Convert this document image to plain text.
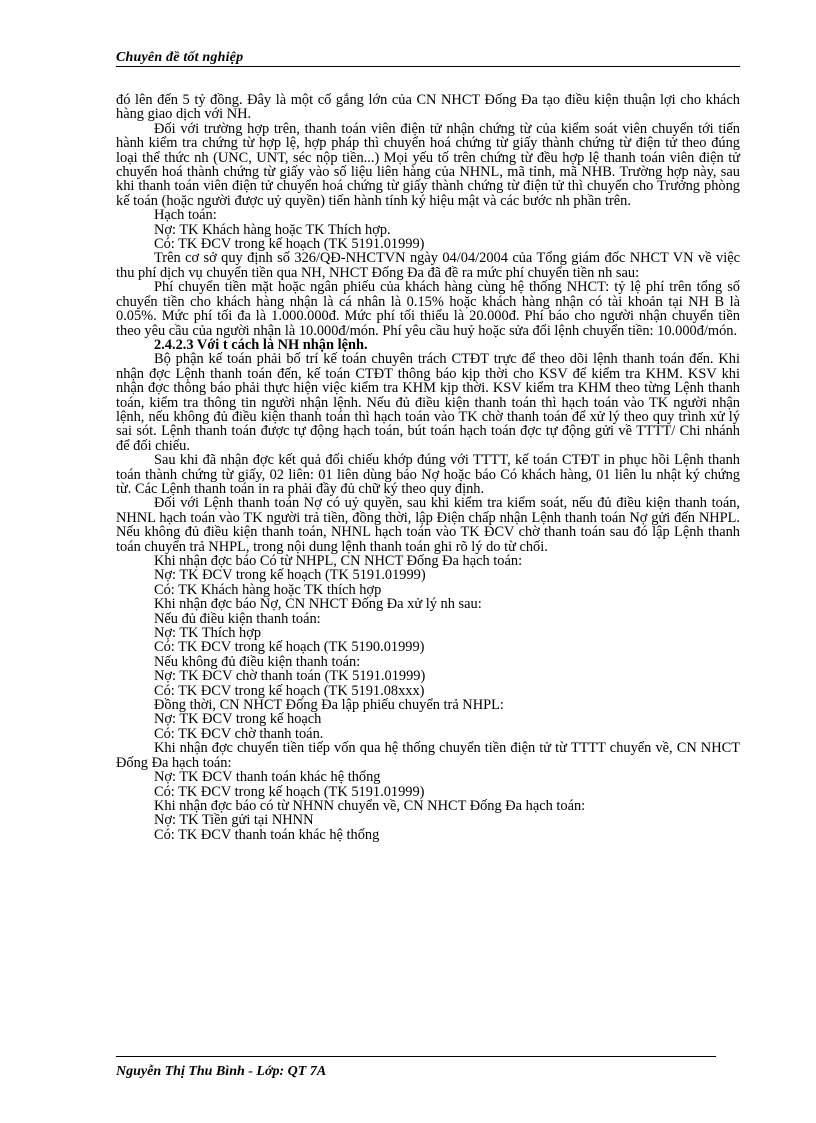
Chuyên đề tốt nghiệp

đó lên đến 5 tỷ đồng. Đây là một cố gắng lớn của CN NHCT Đống Đa tạo điều kiện thuận lợi cho khách hàng giao dịch với NH.

Đối với trường hợp trên, thanh toán viên điện tử nhận chứng từ của kiểm soát viên chuyển tới tiến hành kiểm tra chứng từ hợp lệ, hợp pháp thì chuyển hoá chứng từ giấy thành chứng từ điện tử theo đúng loại thể thức nh (UNC, UNT, séc nộp tiền...) Mọi yếu tố trên chứng từ đều hợp lệ thanh toán viên điện tử chuyển hoá thành chứng từ giấy vào số liệu liên hàng của NHNL, mã tỉnh, mã NHB. Trường hợp này, sau khi thanh toán viên điện tử chuyển hoá chứng từ giấy thành chứng từ điện tử thì chuyển cho Trưởng phòng kế toán (hoặc người được uỷ quyền) tiến hành tính ký hiệu mật và các bước nh phần trên.

Hạch toán:

Nợ: TK Khách hàng hoặc TK Thích hợp.

Có: TK ĐCV trong kế hoạch (TK 5191.01999)

Trên cơ sở quy định số 326/QĐ-NHCTVN ngày 04/04/2004 của Tổng giám đốc NHCT VN về việc thu phí dịch vụ chuyển tiền qua NH, NHCT Đống Đa đã đề ra mức phí chuyển tiền nh sau:

Phí chuyển tiền mặt hoặc ngân phiếu của khách hàng cùng hệ thống NHCT: tỷ lệ phí trên tổng số chuyển tiền cho khách hàng nhận là cá nhân là 0.15% hoặc khách hàng nhận có tài khoản tại NH B là 0.05%. Mức phí tối đa là 1.000.000đ. Mức phí tối thiểu là 20.000đ. Phí báo cho người nhận chuyển tiền theo yêu cầu của người nhận là 10.000đ/món. Phí yêu cầu huỷ hoặc sửa đổi lệnh chuyển tiền: 10.000đ/món.

2.4.2.3 Với t cách là NH nhận lệnh.

Bộ phận kế toán phải bố trí kế toán chuyên trách CTĐT trực để theo dõi lệnh thanh toán đến. Khi nhận đợc Lệnh thanh toán đến, kế toán CTĐT thông báo kịp thời cho KSV để kiểm tra KHM. KSV khi nhận đợc thông báo phải thực hiện việc kiểm tra KHM kịp thời. KSV kiểm tra KHM theo từng Lệnh thanh toán, kiểm tra thông tin người nhận lệnh. Nếu đủ điều kiện thanh toán thì hạch toán vào TK người nhận lệnh, nếu không đủ điều kiện thanh toán thì hạch toán vào TK chờ thanh toán để xử lý theo quy trình xử lý sai sót. Lệnh thanh toán được tự động hạch toán, bút toán hạch toán đợc tự động gửi về TTTT/ Chi nhánh để đối chiếu.

Sau khi đã nhận đợc kết quả đối chiếu khớp đúng với TTTT, kế toán CTĐT in phục hồi Lệnh thanh toán thành chứng từ giấy, 02 liên: 01 liên dùng báo Nợ hoặc báo Có khách hàng, 01 liên lu nhật ký chứng từ. Các Lệnh thanh toán in ra phải đầy đủ chữ ký theo quy định.

Đối với Lệnh thanh toán Nợ có uỷ quyền, sau khi kiểm tra kiểm soát, nếu đủ điều kiện thanh toán, NHNL hạch toán vào TK người trả tiền, đồng thời, lập Điện chấp nhận Lệnh thanh toán Nợ gửi đến NHPL. Nếu không đủ điều kiện thanh toán, NHNL hạch toán vào TK ĐCV chờ thanh toán sau đó lập Lệnh thanh toán chuyển trả NHPL, trong nội dung lệnh thanh toán ghi rõ lý do từ chối.

Khi nhận đợc báo Có từ NHPL, CN NHCT Đống Đa hạch toán:

Nợ: TK ĐCV trong kế hoạch (TK 5191.01999)

Có: TK Khách hàng hoặc TK thích hợp

Khi nhận đợc báo Nợ, CN NHCT Đống Đa xử lý nh sau:

Nếu đủ điều kiện thanh toán:

Nợ: TK Thích hợp

Có: TK ĐCV trong kế hoạch (TK 5190.01999)

Nếu không đủ điều kiện thanh toán:

Nợ: TK ĐCV chờ thanh toán (TK 5191.01999)

Có: TK ĐCV trong kế hoạch (TK 5191.08xxx)

Đồng thời, CN NHCT Đống Đa lập phiếu chuyển trả NHPL:

Nợ: TK ĐCV trong kế hoạch

Có: TK ĐCV chờ thanh toán.

Khi nhận đợc chuyển tiền tiếp vốn qua hệ thống chuyển tiền điện tử từ TTTT chuyển về, CN NHCT Đống Đa hạch toán:

Nợ: TK ĐCV thanh toán khác hệ thống

Có: TK ĐCV trong kế hoạch (TK 5191.01999)

Khi nhận đợc báo có từ NHNN chuyển về, CN NHCT Đống Đa hạch toán:

Nợ: TK Tiền gửi tại NHNN

Có: TK ĐCV thanh toán khác hệ thống

Nguyễn Thị Thu Bình - Lớp: QT 7A
